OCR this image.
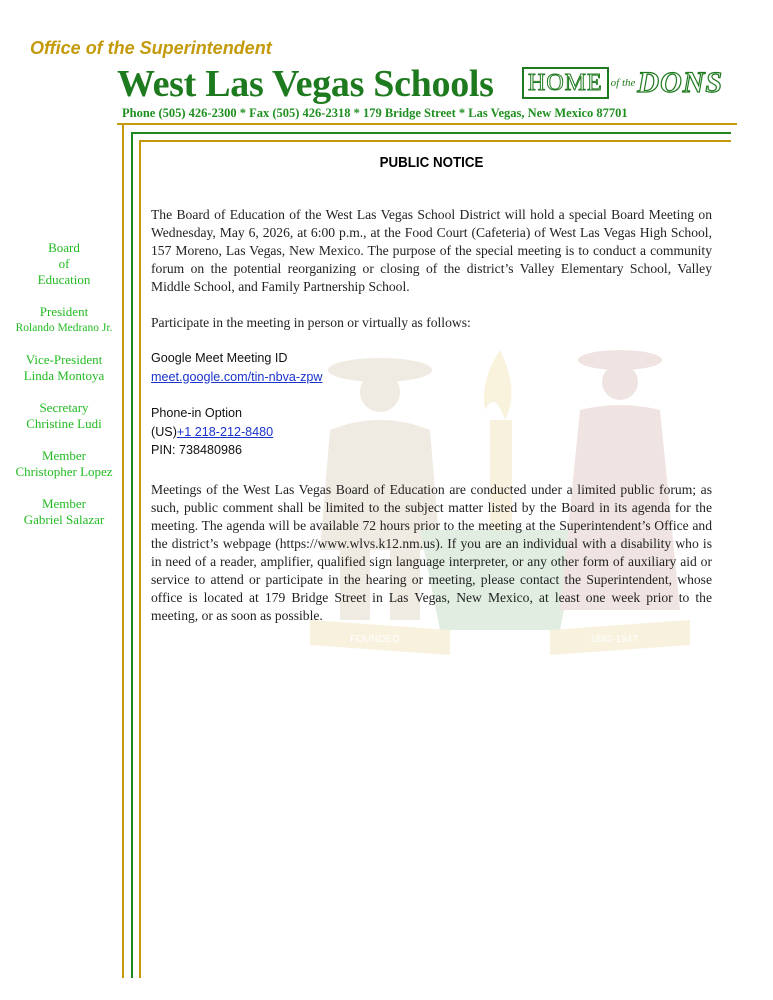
Office of the Superintendent
West Las Vegas Schools HOME of theDONS
Phone (505) 426-2300 * Fax (505) 426-2318 * 179 Bridge Street * Las Vegas, New Mexico 87701
Board
of
Education
President
Rolando Medrano Jr.
Vice-President
Linda Montoya
Secretary
Christine Ludi
Member
Christopher Lopez
Member
Gabriel Salazar
FOUNDED	1882-1947
PUBLIC NOTICE

The Board of Education of the West Las Vegas School District will hold a special Board Meeting on Wednesday, May 6, 2026, at 6:00 p.m., at the Food Court (Cafeteria) of West Las Vegas High School, 157 Moreno, Las Vegas, New Mexico. The purpose of the special meeting is to conduct a community forum on the potential reorganizing or closing of the district’s Valley Elementary School, Valley Middle School, and Family Partnership School.

Participate in the meeting in person or virtually as follows:

Google Meet Meeting ID
meet.google.com/tin-nbva-zpw
Phone-in Option
(US)+1 218-212-8480
PIN: 738480986

Meetings of the West Las Vegas Board of Education are conducted under a limited public forum; as such, public comment shall be limited to the subject matter listed by the Board in its agenda for the meeting. The agenda will be available 72 hours prior to the meeting at the Superintendent’s Office and the district’s webpage (https://www.wlvs.k12.nm.us). If you are an individual with a disability who is in need of a reader, amplifier, qualified sign language interpreter, or any other form of auxiliary aid or service to attend or participate in the hearing or meeting, please contact the Superintendent, whose office is located at 179 Bridge Street in Las Vegas, New Mexico, at least one week prior to the meeting, or as soon as possible.
